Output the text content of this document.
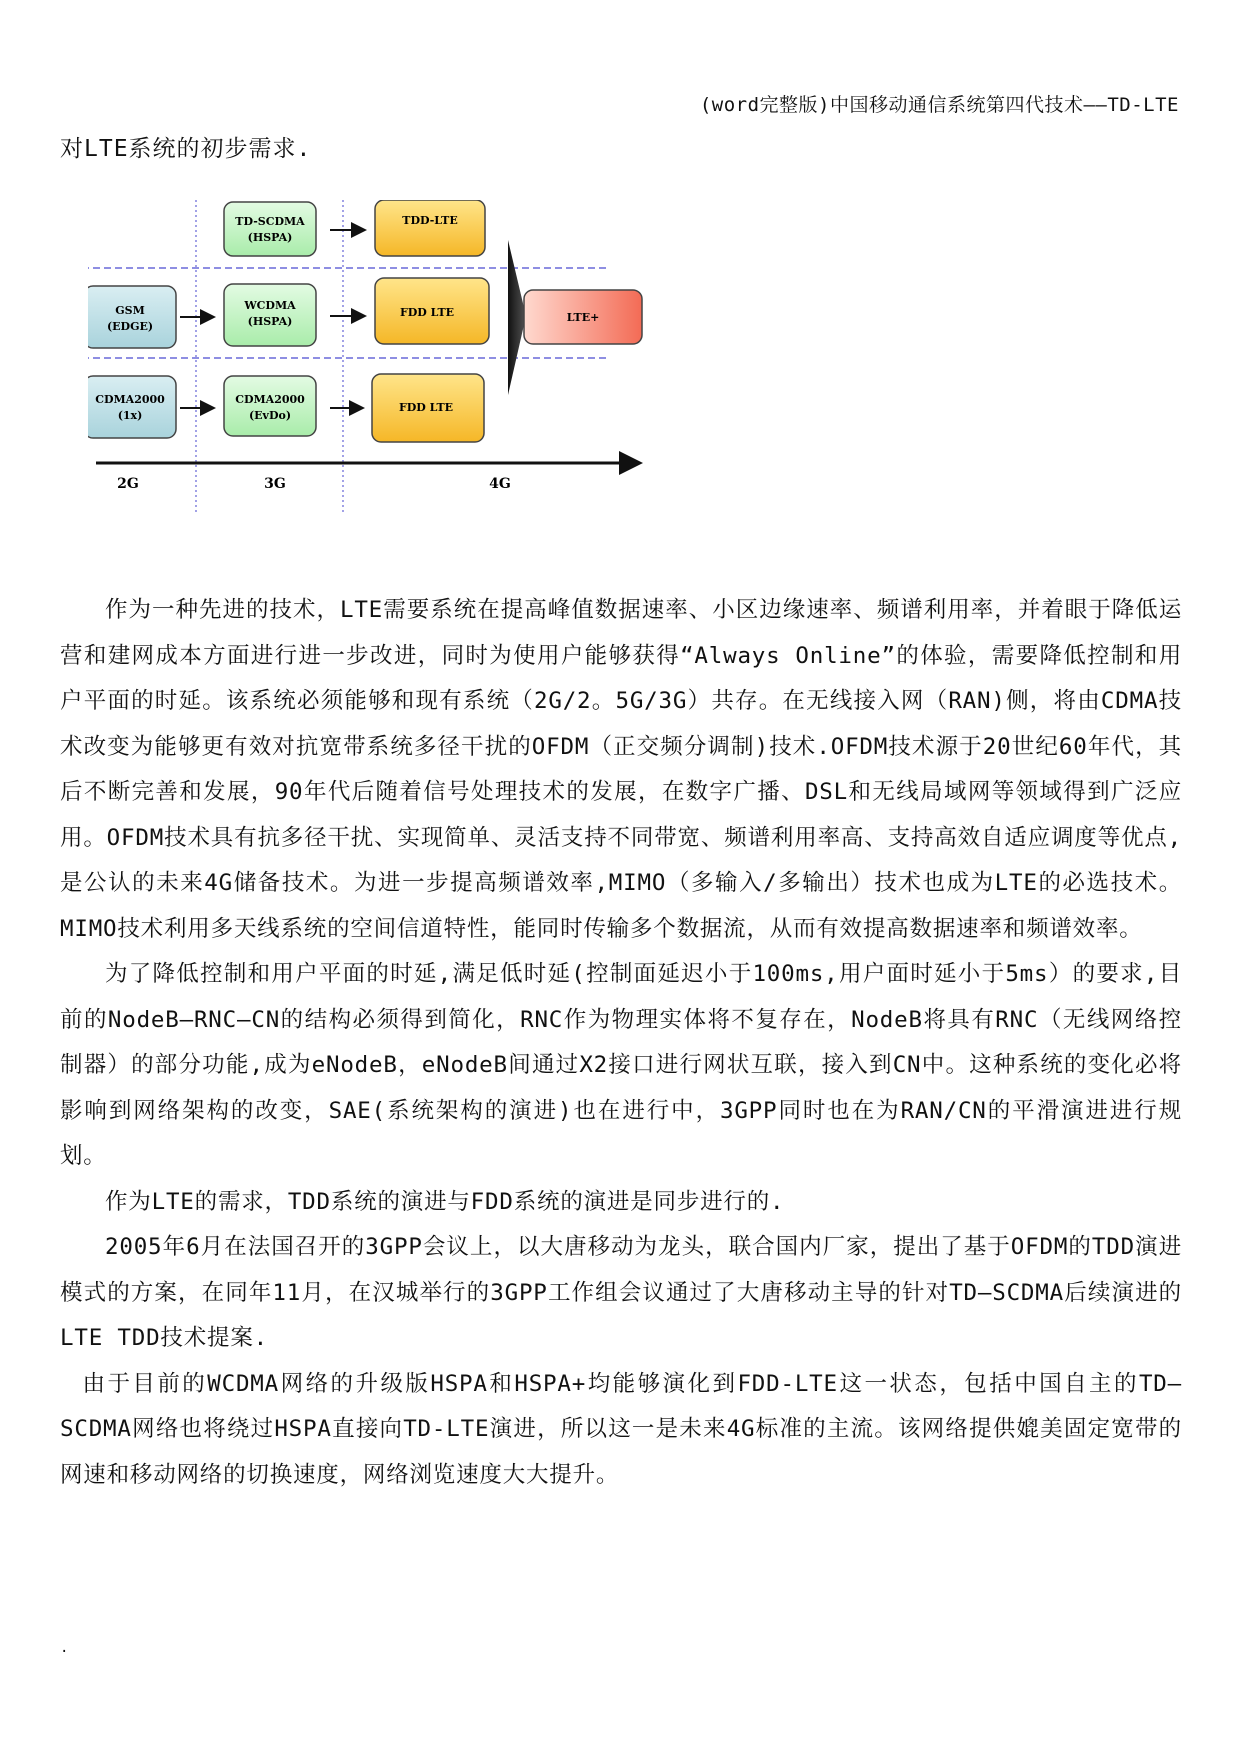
(word完整版)中国移动通信系统第四代技术——TD-LTE
对LTE系统的初步需求.
TD-SCDMA
(HSPA)
TDD-LTE
GSM
(EDGE)
WCDMA
(HSPA)
FDD LTE	LTE+
CDMA2000
(1x)
CDMA2000
(EvDo)
FDD LTE
2G	3G	4G

作为一种先进的技术，LTE需要系统在提高峰值数据速率、小区边缘速率、频谱利用率，并着眼于降低运营和建网成本方面进行进一步改进，同时为使用户能够获得“Always Online”的体验，需要降低控制和用户平面的时延。该系统必须能够和现有系统（2G/2。5G/3G）共存。在无线接入网（RAN)侧，将由CDMA技术改变为能够更有效对抗宽带系统多径干扰的OFDM（正交频分调制)技术.OFDM技术源于20世纪60年代，其后不断完善和发展，90年代后随着信号处理技术的发展，在数字广播、DSL和无线局域网等领域得到广泛应用。OFDM技术具有抗多径干扰、实现简单、灵活支持不同带宽、频谱利用率高、支持高效自适应调度等优点,是公认的未来4G储备技术。为进一步提高频谱效率,MIMO（多输入/多输出）技术也成为LTE的必选技术。MIMO技术利用多天线系统的空间信道特性，能同时传输多个数据流，从而有效提高数据速率和频谱效率。

为了降低控制和用户平面的时延,满足低时延(控制面延迟小于100ms,用户面时延小于5ms）的要求,目前的NodeB—RNC—CN的结构必须得到简化，RNC作为物理实体将不复存在，NodeB将具有RNC（无线网络控制器）的部分功能,成为eNodeB，eNodeB间通过X2接口进行网状互联，接入到CN中。这种系统的变化必将影响到网络架构的改变，SAE(系统架构的演进)也在进行中，3GPP同时也在为RAN/CN的平滑演进进行规划。

作为LTE的需求，TDD系统的演进与FDD系统的演进是同步进行的.

2005年6月在法国召开的3GPP会议上，以大唐移动为龙头，联合国内厂家，提出了基于OFDM的TDD演进模式的方案，在同年11月，在汉城举行的3GPP工作组会议通过了大唐移动主导的针对TD—SCDMA后续演进的LTE TDD技术提案.

由于目前的WCDMA网络的升级版HSPA和HSPA+均能够演化到FDD-LTE这一状态，包括中国自主的TD—SCDMA网络也将绕过HSPA直接向TD-LTE演进，所以这一是未来4G标准的主流。该网络提供媲美固定宽带的网速和移动网络的切换速度，网络浏览速度大大提升。

.
